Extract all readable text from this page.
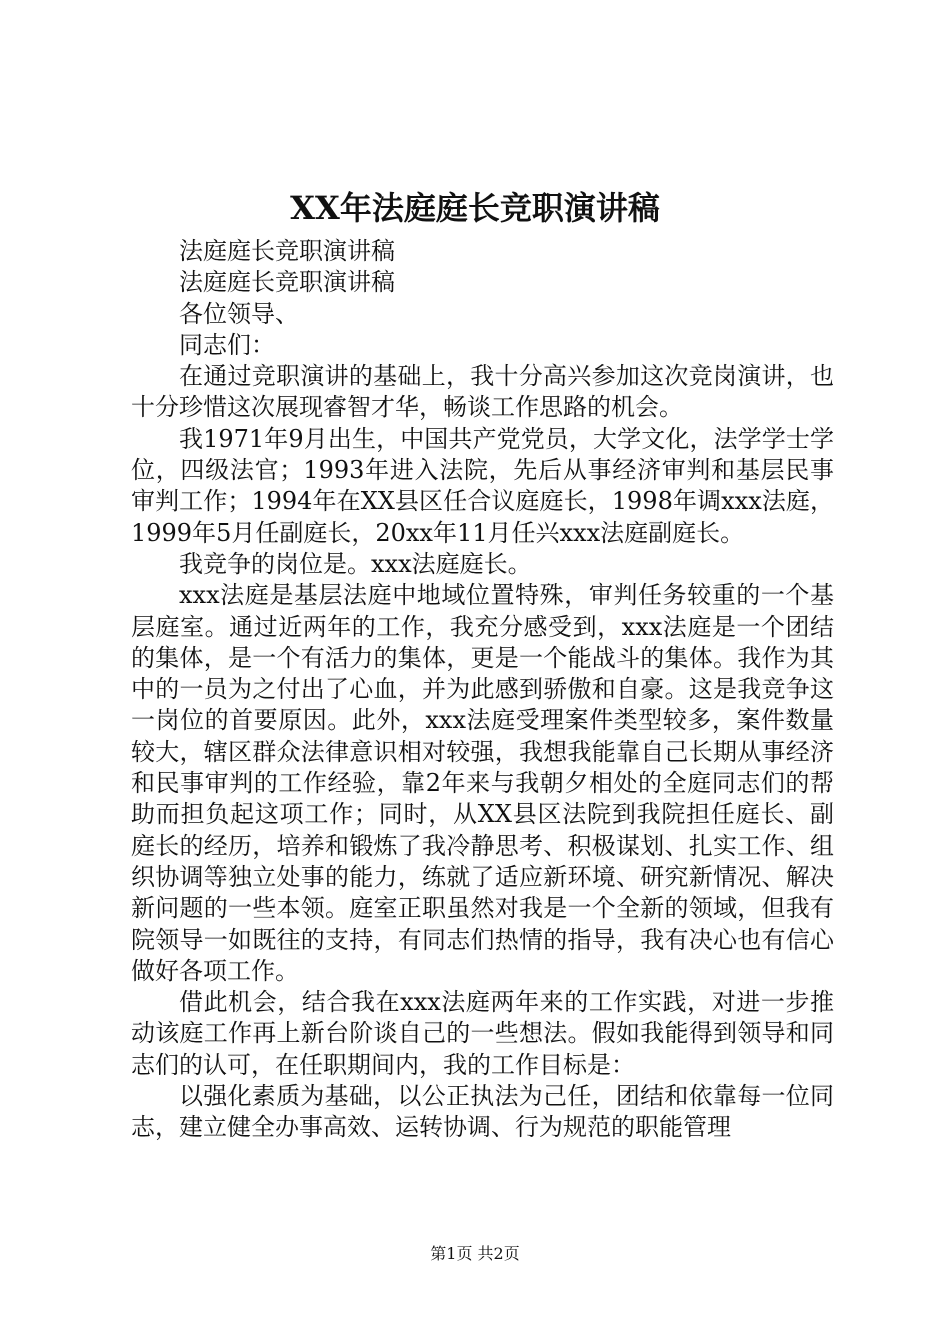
XX年法庭庭长竞职演讲稿

法庭庭长竞职演讲稿

法庭庭长竞职演讲稿

各位领导、

同志们：

在通过竞职演讲的基础上，我十分高兴参加这次竞岗演讲，也十分珍惜这次展现睿智才华，畅谈工作思路的机会。

我1971年9月出生，中国共产党党员，大学文化，法学学士学位，四级法官；1993年进入法院，先后从事经济审判和基层民事审判工作；1994年在XX县区任合议庭庭长，1998年调xxx法庭，1999年5月任副庭长，20xx年11月任兴xxx法庭副庭长。

我竞争的岗位是。xxx法庭庭长。

xxx法庭是基层法庭中地域位置特殊，审判任务较重的一个基层庭室。通过近两年的工作，我充分感受到，xxx法庭是一个团结的集体，是一个有活力的集体，更是一个能战斗的集体。我作为其中的一员为之付出了心血，并为此感到骄傲和自豪。这是我竞争这一岗位的首要原因。此外，xxx法庭受理案件类型较多，案件数量较大，辖区群众法律意识相对较强，我想我能靠自己长期从事经济和民事审判的工作经验，靠2年来与我朝夕相处的全庭同志们的帮助而担负起这项工作；同时，从XX县区法院到我院担任庭长、副庭长的经历，培养和锻炼了我冷静思考、积极谋划、扎实工作、组织协调等独立处事的能力，练就了适应新环境、研究新情况、解决新问题的一些本领。庭室正职虽然对我是一个全新的领域，但我有院领导一如既往的支持，有同志们热情的指导，我有决心也有信心做好各项工作。

借此机会，结合我在xxx法庭两年来的工作实践，对进一步推动该庭工作再上新台阶谈自己的一些想法。假如我能得到领导和同志们的认可，在任职期间内，我的工作目标是：

以强化素质为基础，以公正执法为己任，团结和依靠每一位同志，建立健全办事高效、运转协调、行为规范的职能管理

第1页 共2页
